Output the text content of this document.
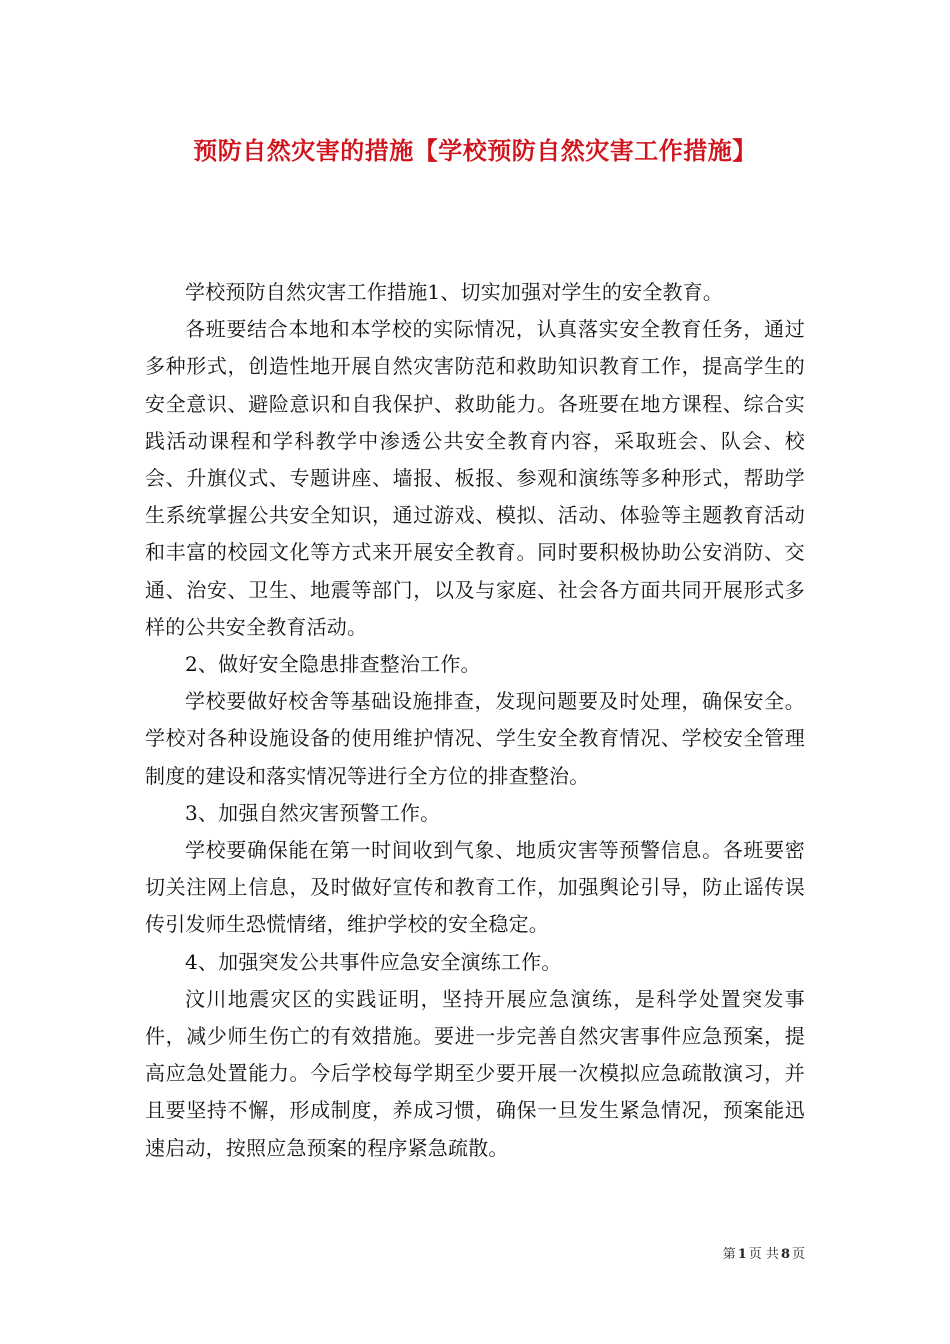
预防自然灾害的措施【学校预防自然灾害工作措施】

学校预防自然灾害工作措施1、切实加强对学生的安全教育。

各班要结合本地和本学校的实际情况，认真落实安全教育任务，通过多种形式，创造性地开展自然灾害防范和救助知识教育工作，提高学生的安全意识、避险意识和自我保护、救助能力。各班要在地方课程、综合实践活动课程和学科教学中渗透公共安全教育内容，采取班会、队会、校会、升旗仪式、专题讲座、墙报、板报、参观和演练等多种形式，帮助学生系统掌握公共安全知识，通过游戏、模拟、活动、体验等主题教育活动和丰富的校园文化等方式来开展安全教育。同时要积极协助公安消防、交通、治安、卫生、地震等部门，以及与家庭、社会各方面共同开展形式多样的公共安全教育活动。

2、做好安全隐患排查整治工作。

学校要做好校舍等基础设施排查，发现问题要及时处理，确保安全。学校对各种设施设备的使用维护情况、学生安全教育情况、学校安全管理制度的建设和落实情况等进行全方位的排查整治。

3、加强自然灾害预警工作。

学校要确保能在第一时间收到气象、地质灾害等预警信息。各班要密切关注网上信息，及时做好宣传和教育工作，加强舆论引导，防止谣传误传引发师生恐慌情绪，维护学校的安全稳定。

4、加强突发公共事件应急安全演练工作。

汶川地震灾区的实践证明，坚持开展应急演练，是科学处置突发事件，减少师生伤亡的有效措施。要进一步完善自然灾害事件应急预案，提高应急处置能力。今后学校每学期至少要开展一次模拟应急疏散演习，并且要坚持不懈，形成制度，养成习惯，确保一旦发生紧急情况，预案能迅速启动，按照应急预案的程序紧急疏散。

第 1 页 共 8 页
